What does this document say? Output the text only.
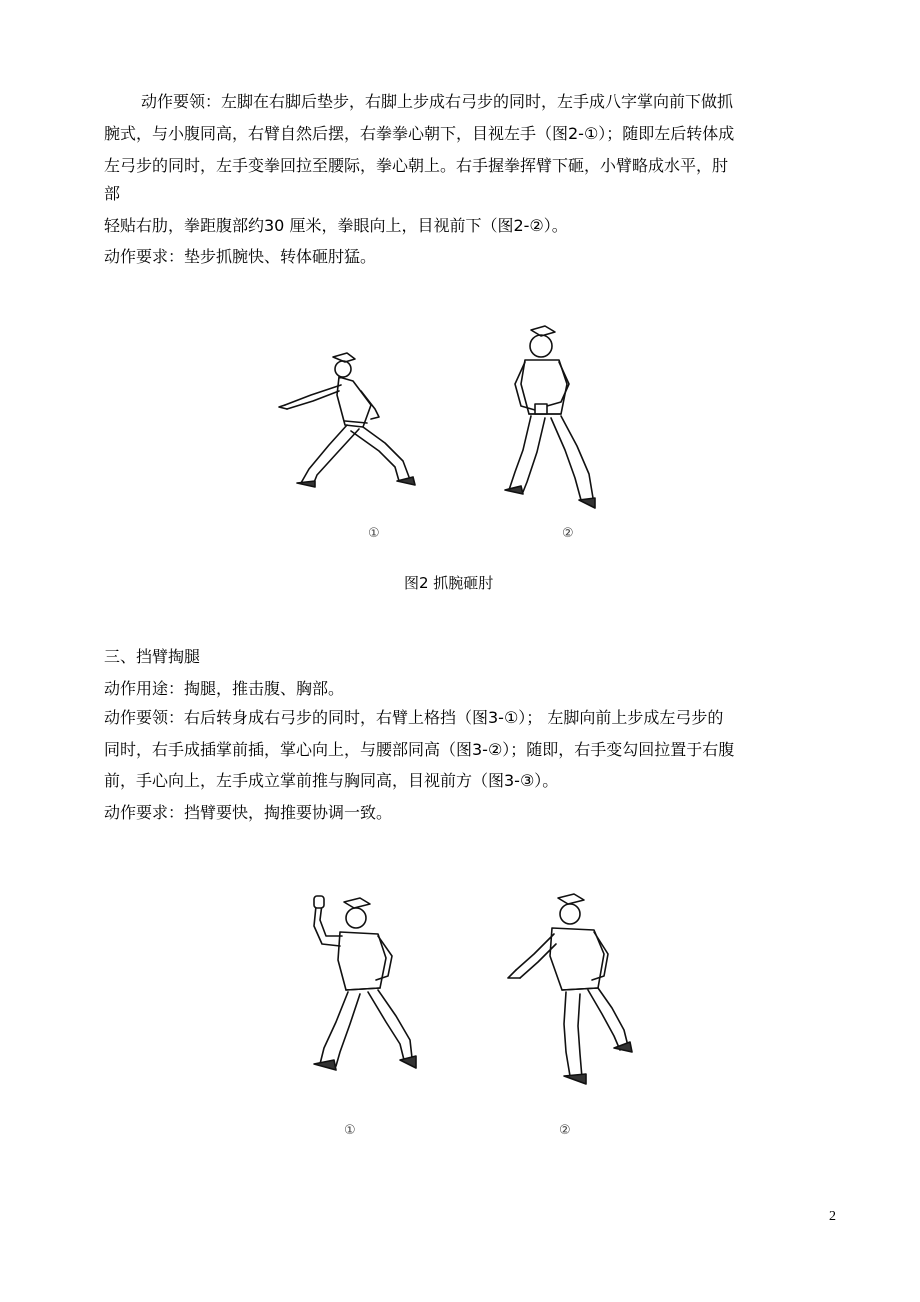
动作要领：左脚在右脚后垫步，右脚上步成右弓步的同时，左手成八字掌向前下做抓
腕式，与小腹同高，右臂自然后摆，右拳拳心朝下，目视左手（图2-①）；随即左后转体成
左弓步的同时，左手变拳回拉至腰际，拳心朝上。右手握拳挥臂下砸，小臂略成水平，肘
部
轻贴右肋，拳距腹部约30 厘米，拳眼向上，目视前下（图2-②）。
动作要求：垫步抓腕快、转体砸肘猛。
①	②
图2 抓腕砸肘
三、挡臂掏腿
动作用途：掏腿，推击腹、胸部。
动作要领：右后转身成右弓步的同时，右臂上格挡（图3-①）； 左脚向前上步成左弓步的
同时，右手成插掌前插，掌心向上，与腰部同高（图3-②）；随即，右手变勾回拉置于右腹
前，手心向上，左手成立掌前推与胸同高，目视前方（图3-③）。
动作要求：挡臂要快，掏推要协调一致。
①	②
2
